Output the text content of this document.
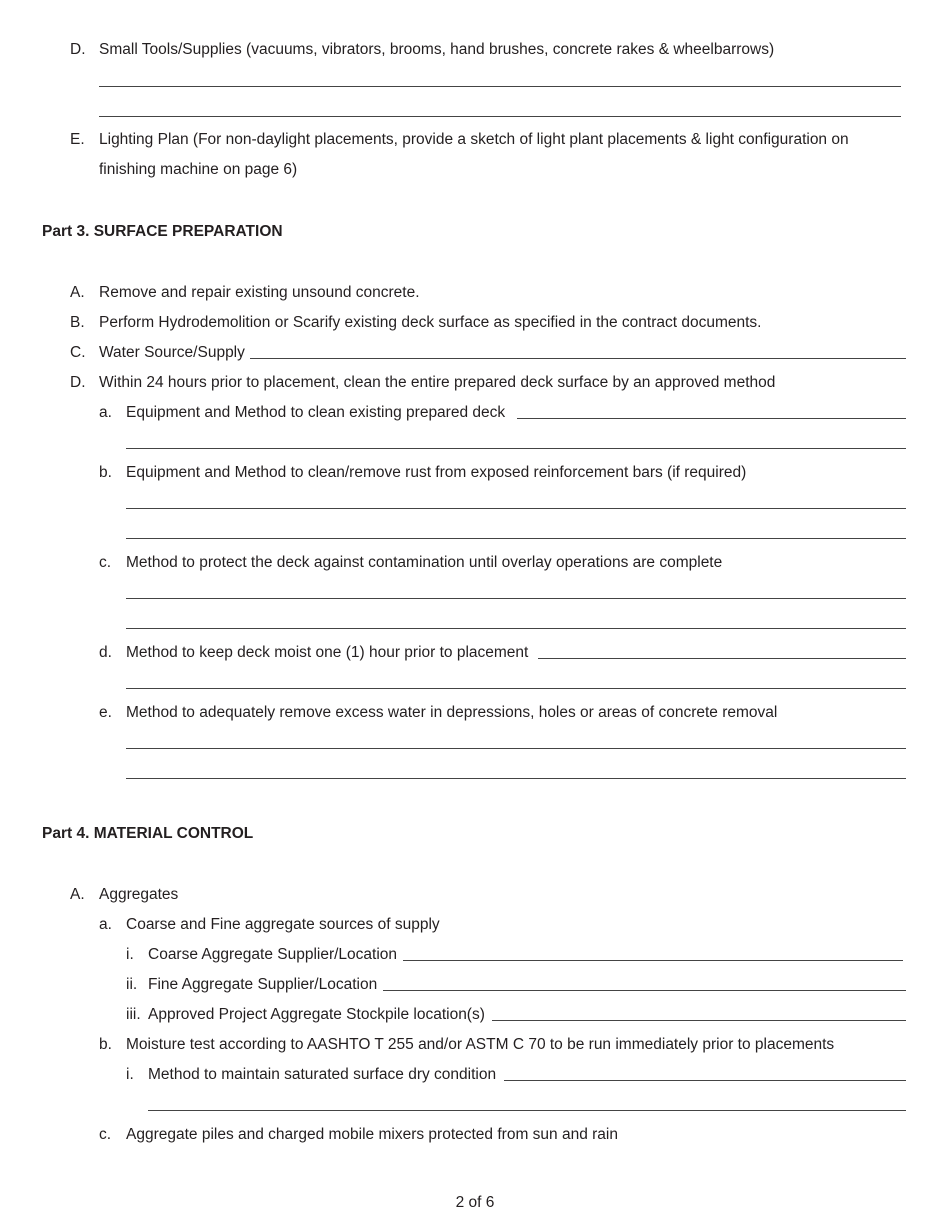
D. Small Tools/Supplies (vacuums, vibrators, brooms, hand brushes, concrete rakes & wheelbarrows)
E. Lighting Plan (For non-daylight placements, provide a sketch of light plant placements & light configuration on
finishing machine on page 6)
Part 3. SURFACE PREPARATION
A. Remove and repair existing unsound concrete.
B. Perform Hydrodemolition or Scarify existing deck surface as specified in the contract documents.
C. Water Source/Supply
D. Within 24 hours prior to placement, clean the entire prepared deck surface by an approved method
a. Equipment and Method to clean existing prepared deck
b. Equipment and Method to clean/remove rust from exposed reinforcement bars (if required)
c. Method to protect the deck against contamination until overlay operations are complete
d. Method to keep deck moist one (1) hour prior to placement
e. Method to adequately remove excess water in depressions, holes or areas of concrete removal
Part 4. MATERIAL CONTROL
A. Aggregates
a. Coarse and Fine aggregate sources of supply
i. Coarse Aggregate Supplier/Location
ii. Fine Aggregate Supplier/Location
iii. Approved Project Aggregate Stockpile location(s)
b. Moisture test according to AASHTO T 255 and/or ASTM C 70 to be run immediately prior to placements
i. Method to maintain saturated surface dry condition
c. Aggregate piles and charged mobile mixers protected from sun and rain
2 of 6
